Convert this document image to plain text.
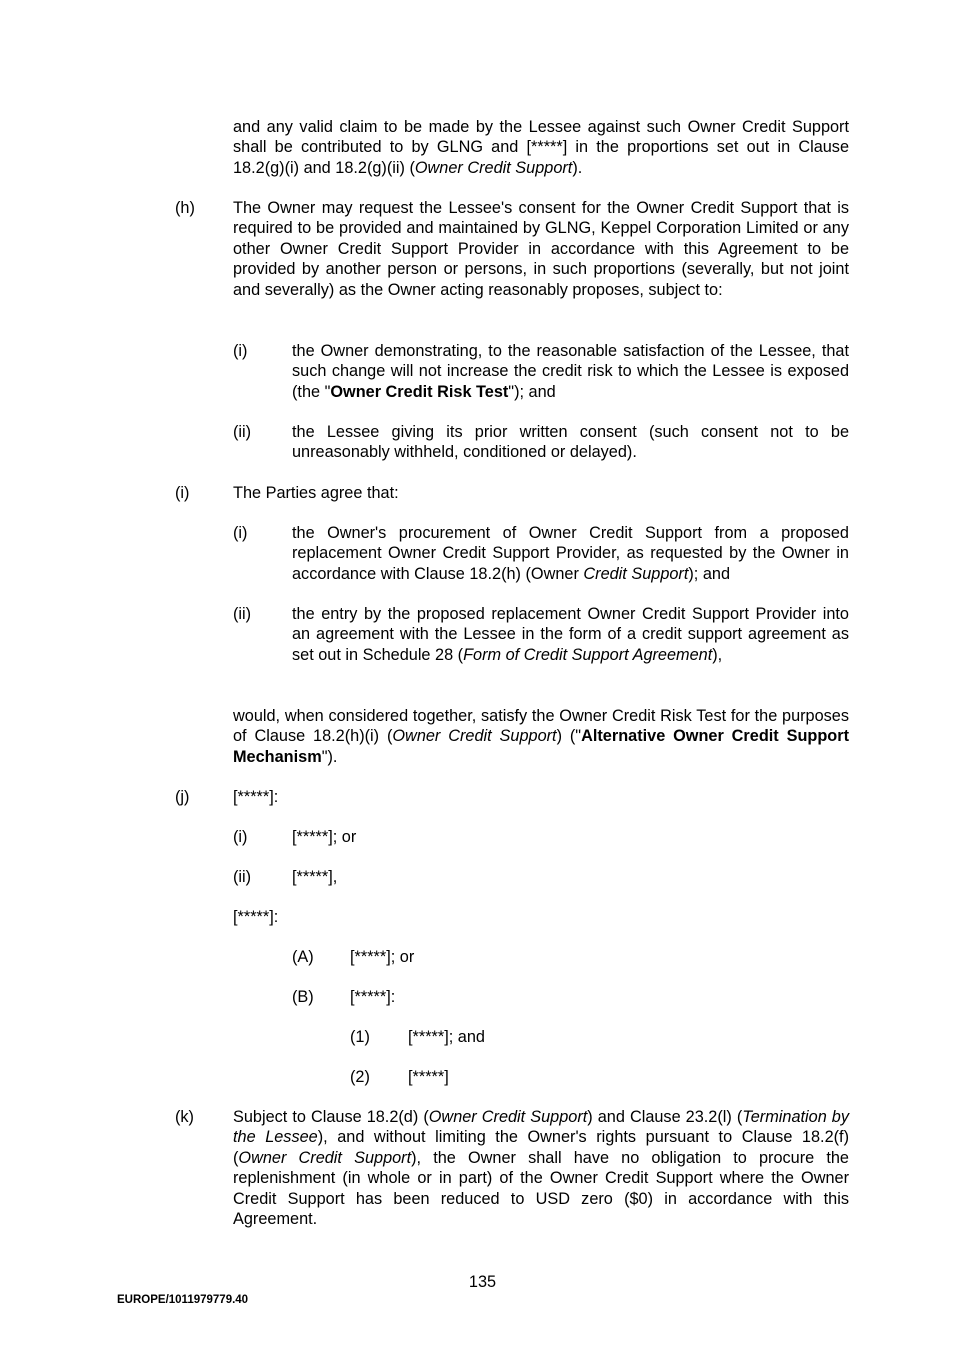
and any valid claim to be made by the Lessee against such Owner Credit Support shall be contributed to by GLNG and [*****] in the proportions set out in Clause 18.2(g)(i) and 18.2(g)(ii) (Owner Credit Support).

(h) The Owner may request the Lessee's consent for the Owner Credit Support that is required to be provided and maintained by GLNG, Keppel Corporation Limited or any other Owner Credit Support Provider in accordance with this Agreement to be provided by another person or persons, in such proportions (severally, but not joint and severally) as the Owner acting reasonably proposes, subject to:

(i)	the Owner demonstrating, to the reasonable satisfaction of the Lessee, that such change will not increase the credit risk to which the Lessee is exposed (the "Owner Credit Risk Test"); and

(ii)	the Lessee giving its prior written consent (such consent not to be unreasonably withheld, conditioned or delayed).

(i)	The Parties agree that:

(i)	the Owner's procurement of Owner Credit Support from a proposed replacement Owner Credit Support Provider, as requested by the Owner in accordance with Clause 18.2(h) (Owner Credit Support); and

(ii)	the entry by the proposed replacement Owner Credit Support Provider into an agreement with the Lessee in the form of a credit support agreement as set out in Schedule 28 (Form of Credit Support Agreement),

would, when considered together, satisfy the Owner Credit Risk Test for the purposes of Clause 18.2(h)(i) (Owner Credit Support) ("Alternative Owner Credit Support Mechanism").

(j)	[*****]:

(i)	[*****]; or

(ii)	[*****],

[*****]:

(A) [*****]; or

(B) [*****]:

(1) [*****]; and

(2) [*****]

(k) Subject to Clause 18.2(d) (Owner Credit Support) and Clause 23.2(l) (Termination by the Lessee), and without limiting the Owner's rights pursuant to Clause 18.2(f) (Owner Credit Support), the Owner shall have no obligation to procure the replenishment (in whole or in part) of the Owner Credit Support where the Owner Credit Support has been reduced to USD zero ($0) in accordance with this Agreement.

135

EUROPE/1011979779.40
